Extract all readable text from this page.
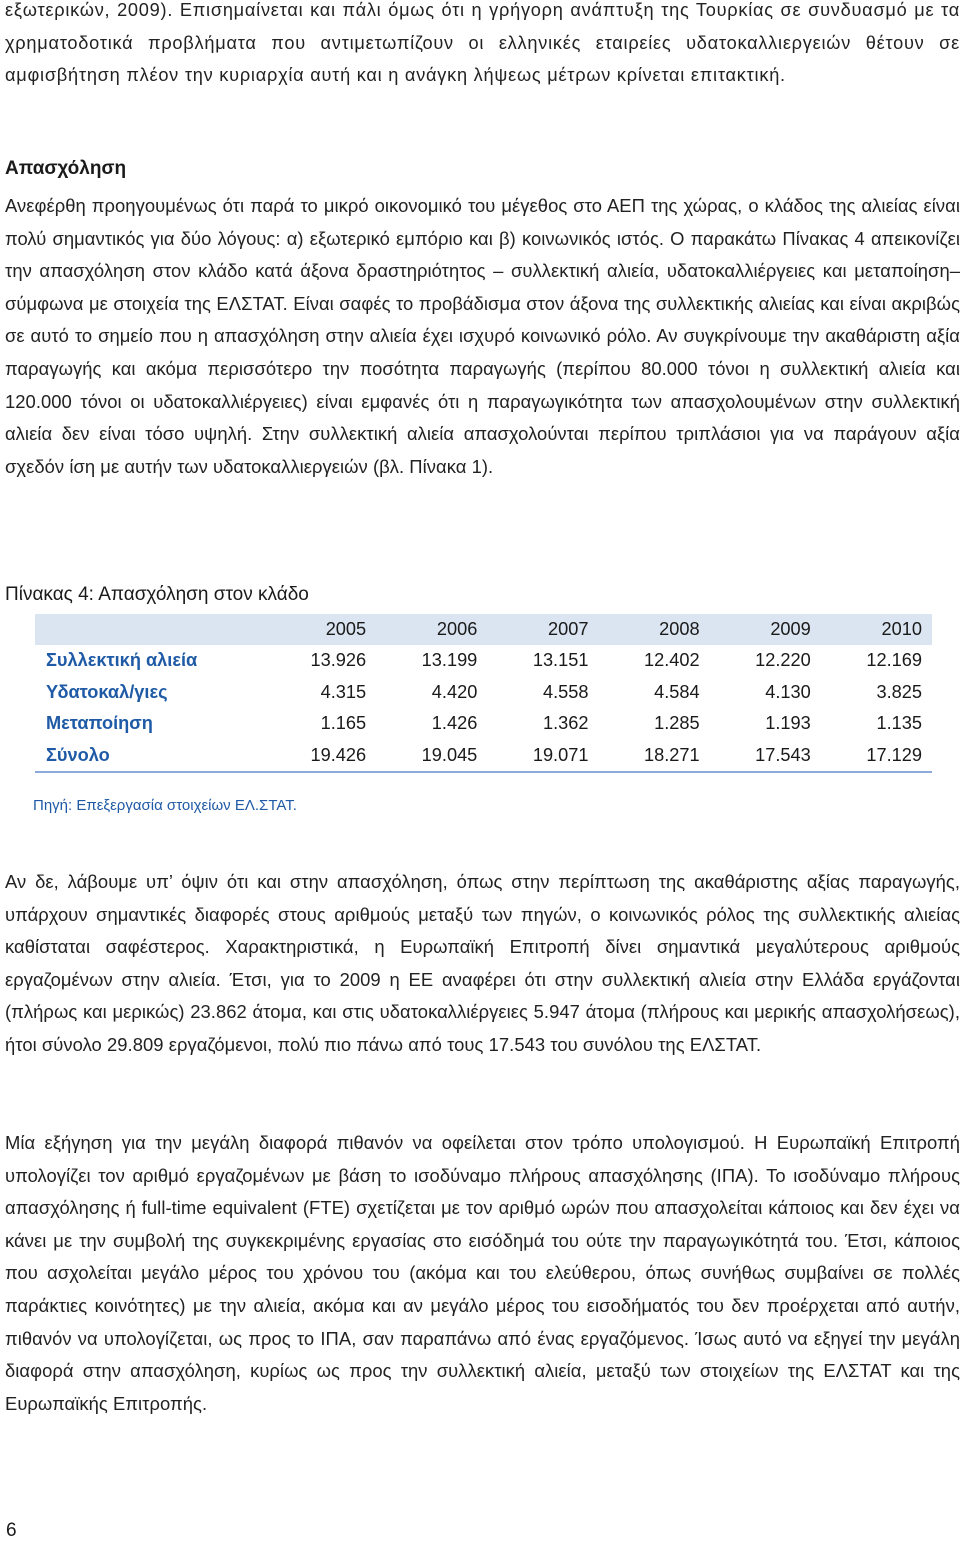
εξωτερικών, 2009). Επισημαίνεται και πάλι όμως ότι η γρήγορη ανάπτυξη της Τουρκίας σε συνδυασμό με τα χρηματοδοτικά προβλήματα που αντιμετωπίζουν οι ελληνικές εταιρείες υδατοκαλλιεργειών θέτουν σε αμφισβήτηση πλέον την κυριαρχία αυτή και η ανάγκη λήψεως μέτρων κρίνεται επιτακτική.

Απασχόληση

Ανεφέρθη προηγουμένως ότι παρά το μικρό οικονομικό του μέγεθος στο ΑΕΠ της χώρας, ο κλάδος της αλιείας είναι πολύ σημαντικός για δύο λόγους: α) εξωτερικό εμπόριο και β) κοινωνικός ιστός. Ο παρακάτω Πίνακας 4 απεικονίζει την απασχόληση στον κλάδο κατά άξονα δραστηριότητος – συλλεκτική αλιεία, υδατοκαλλιέργειες και μεταποίηση– σύμφωνα με στοιχεία της ΕΛΣΤΑΤ. Είναι σαφές το προβάδισμα στον άξονα της συλλεκτικής αλιείας και είναι ακριβώς σε αυτό το σημείο που η απασχόληση στην αλιεία έχει ισχυρό κοινωνικό ρόλο. Αν συγκρίνουμε την ακαθάριστη αξία παραγωγής και ακόμα περισσότερο την ποσότητα παραγωγής (περίπου 80.000 τόνοι η συλλεκτική αλιεία και 120.000 τόνοι οι υδατοκαλλιέργειες) είναι εμφανές ότι η παραγωγικότητα των απασχολουμένων στην συλλεκτική αλιεία δεν είναι τόσο υψηλή. Στην συλλεκτική αλιεία απασχολούνται περίπου τριπλάσιοι για να παράγουν αξία σχεδόν ίση με αυτήν των υδατοκαλλιεργειών (βλ. Πίνακα 1).

Πίνακας 4: Απασχόληση στον κλάδο

	2005	2006	2007	2008	2009	2010
Συλλεκτική αλιεία	13.926	13.199	13.151	12.402	12.220	12.169
Υδατοκαλ/γιες	4.315	4.420	4.558	4.584	4.130	3.825
Μεταποίηση	1.165	1.426	1.362	1.285	1.193	1.135
Σύνολο	19.426	19.045	19.071	18.271	17.543	17.129

Πηγή: Επεξεργασία στοιχείων ΕΛ.ΣΤΑΤ.

Αν δε, λάβουμε υπ’ όψιν ότι και στην απασχόληση, όπως στην περίπτωση της ακαθάριστης αξίας παραγωγής, υπάρχουν σημαντικές διαφορές στους αριθμούς μεταξύ των πηγών, ο κοινωνικός ρόλος της συλλεκτικής αλιείας καθίσταται σαφέστερος. Χαρακτηριστικά, η Ευρωπαϊκή Επιτροπή δίνει σημαντικά μεγαλύτερους αριθμούς εργαζομένων στην αλιεία. Έτσι, για το 2009 η ΕΕ αναφέρει ότι στην συλλεκτική αλιεία στην Ελλάδα εργάζονται (πλήρως και μερικώς) 23.862 άτομα, και στις υδατοκαλλιέργειες 5.947 άτομα (πλήρους και μερικής απασχολήσεως), ήτοι σύνολο 29.809 εργαζόμενοι, πολύ πιο πάνω από τους 17.543 του συνόλου της ΕΛΣΤΑΤ.

Μία εξήγηση για την μεγάλη διαφορά πιθανόν να οφείλεται στον τρόπο υπολογισμού. Η Ευρωπαϊκή Επιτροπή υπολογίζει τον αριθμό εργαζομένων με βάση το ισοδύναμο πλήρους απασχόλησης (ΙΠΑ). Το ισοδύναμο πλήρους απασχόλησης ή full-time equivalent (FTE) σχετίζεται με τον αριθμό ωρών που απασχολείται κάποιος και δεν έχει να κάνει με την συμβολή της συγκεκριμένης εργασίας στο εισόδημά του ούτε την παραγωγικότητά του. Έτσι, κάποιος που ασχολείται μεγάλο μέρος του χρόνου του (ακόμα και του ελεύθερου, όπως συνήθως συμβαίνει σε πολλές παράκτιες κοινότητες) με την αλιεία, ακόμα και αν μεγάλο μέρος του εισοδήματός του δεν προέρχεται από αυτήν, πιθανόν να υπολογίζεται, ως προς το ΙΠΑ, σαν παραπάνω από ένας εργαζόμενος. Ίσως αυτό να εξηγεί την μεγάλη διαφορά στην απασχόληση, κυρίως ως προς την συλλεκτική αλιεία, μεταξύ των στοιχείων της ΕΛΣΤΑΤ και της Ευρωπαϊκής Επιτροπής.

6
